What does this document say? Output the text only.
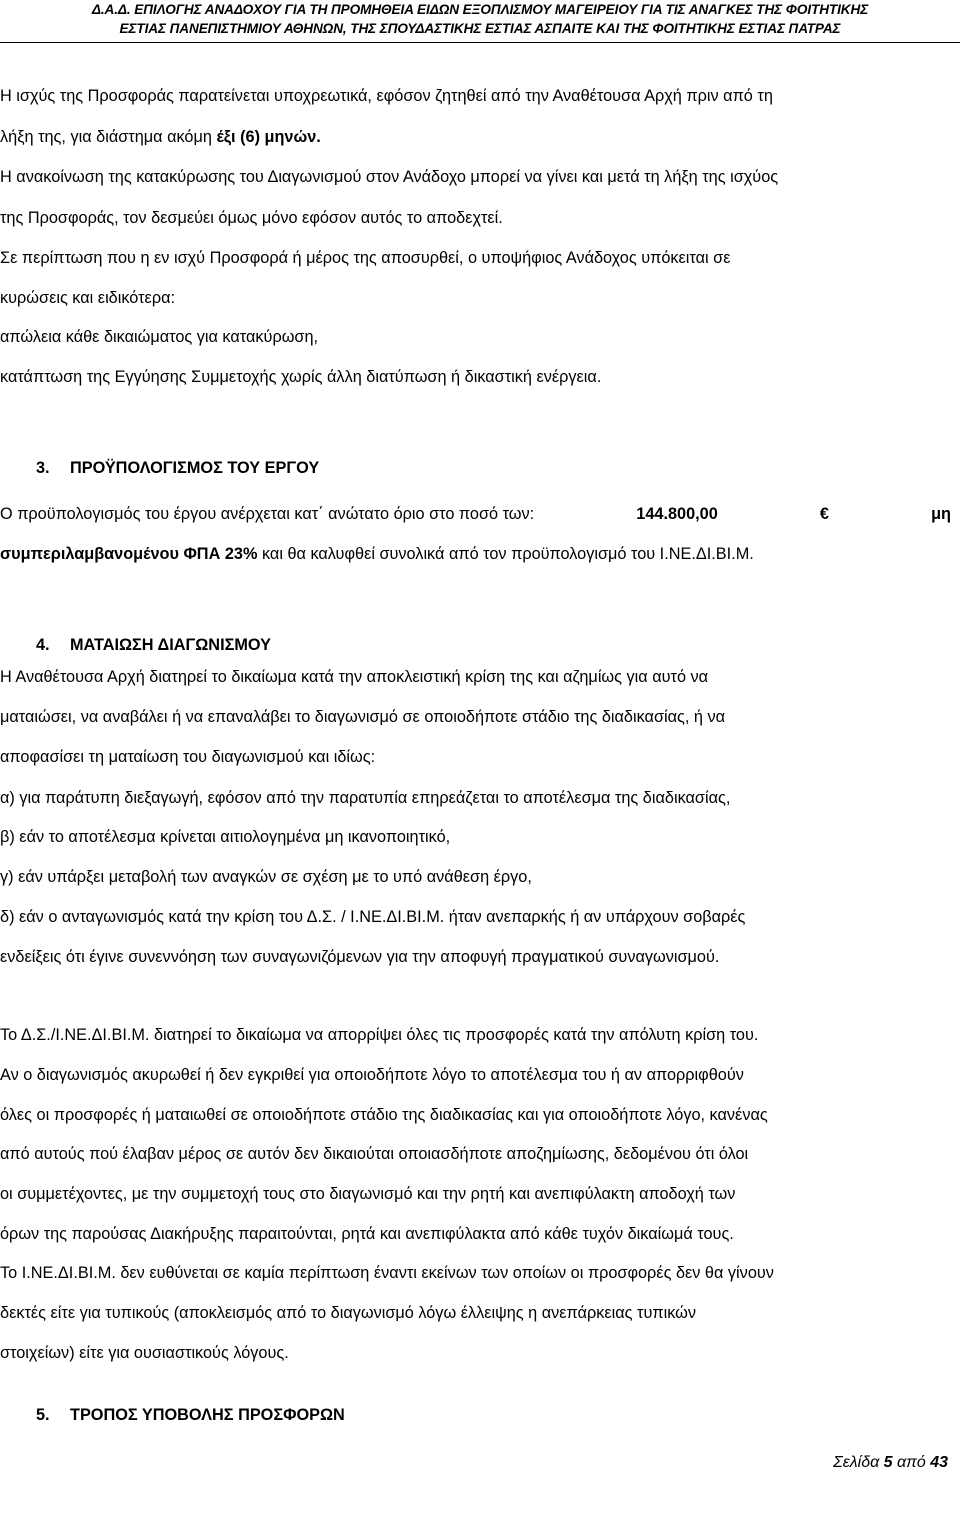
Δ.Α.Δ. ΕΠΙΛΟΓΗΣ ΑΝΑΔΟΧΟΥ ΓΙΑ ΤΗ ΠΡΟΜΗΘΕΙΑ ΕΙΔΩΝ ΕΞΟΠΛΙΣΜΟΥ ΜΑΓΕΙΡΕΙΟΥ ΓΙΑ ΤΙΣ ΑΝΑΓΚΕΣ ΤΗΣ ΦΟΙΤΗΤΙΚΗΣ
ΕΣΤΙΑΣ ΠΑΝΕΠΙΣΤΗΜΙΟΥ ΑΘΗΝΩΝ, ΤΗΣ ΣΠΟΥΔΑΣΤΙΚΗΣ ΕΣΤΙΑΣ ΑΣΠΑΙΤΕ ΚΑΙ ΤΗΣ ΦΟΙΤΗΤΙΚΗΣ ΕΣΤΙΑΣ ΠΑΤΡΑΣ
Η ισχύς της Προσφοράς παρατείνεται υποχρεωτικά, εφόσον ζητηθεί από την Αναθέτουσα Αρχή πριν από τη
λήξη της, για διάστημα ακόμη έξι (6) μηνών.
Η ανακοίνωση της κατακύρωσης του Διαγωνισμού στον Ανάδοχο μπορεί να γίνει και μετά τη λήξη της ισχύος
της Προσφοράς, τον δεσμεύει όμως μόνο εφόσον αυτός το αποδεχτεί.
Σε περίπτωση που η εν ισχύ Προσφορά ή μέρος της αποσυρθεί, ο υποψήφιος Ανάδοχος υπόκειται σε
κυρώσεις και ειδικότερα:
απώλεια κάθε δικαιώματος για κατακύρωση,
κατάπτωση της Εγγύησης Συμμετοχής χωρίς άλλη διατύπωση ή δικαστική ενέργεια.
3. ΠΡΟΫΠΟΛΟΓΙΣΜΟΣ ΤΟΥ ΕΡΓΟΥ
Ο προϋπολογισμός του έργου ανέρχεται κατ΄ ανώτατο όριο στο ποσό των:	144.800,00	€	μη
συμπεριλαμβανομένου ΦΠΑ 23% και θα καλυφθεί συνολικά από τον προϋπολογισμό του Ι.ΝΕ.ΔΙ.ΒΙ.Μ.
4. ΜΑΤΑΙΩΣΗ ΔΙΑΓΩΝΙΣΜΟΥ
Η Αναθέτουσα Αρχή διατηρεί το δικαίωμα κατά την αποκλειστική κρίση της και αζημίως για αυτό να
ματαιώσει, να αναβάλει ή να επαναλάβει το διαγωνισμό σε οποιοδήποτε στάδιο της διαδικασίας, ή να
αποφασίσει τη ματαίωση του διαγωνισμού και ιδίως:
α) για παράτυπη διεξαγωγή, εφόσον από την παρατυπία επηρεάζεται το αποτέλεσμα της διαδικασίας,
β) εάν το αποτέλεσμα κρίνεται αιτιολογημένα μη ικανοποιητικό,
γ) εάν υπάρξει μεταβολή των αναγκών σε σχέση με το υπό ανάθεση έργο,
δ) εάν ο ανταγωνισμός κατά την κρίση του Δ.Σ. / Ι.ΝΕ.ΔΙ.ΒΙ.Μ. ήταν ανεπαρκής ή αν υπάρχουν σοβαρές
ενδείξεις ότι έγινε συνεννόηση των συναγωνιζόμενων για την αποφυγή πραγματικού συναγωνισμού.
Το Δ.Σ./Ι.ΝΕ.ΔΙ.ΒΙ.Μ. διατηρεί το δικαίωμα να απορρίψει όλες τις προσφορές κατά την απόλυτη κρίση του.
Αν ο διαγωνισμός ακυρωθεί ή δεν εγκριθεί για οποιοδήποτε λόγο το αποτέλεσμα του ή αν απορριφθούν
όλες οι προσφορές ή ματαιωθεί σε οποιοδήποτε στάδιο της διαδικασίας και για οποιοδήποτε λόγο, κανένας
από αυτούς πού έλαβαν μέρος σε αυτόν δεν δικαιούται οποιασδήποτε αποζημίωσης, δεδομένου ότι όλοι
οι συμμετέχοντες, με την συμμετοχή τους στο διαγωνισμό και την ρητή και ανεπιφύλακτη αποδοχή των
όρων της παρούσας Διακήρυξης παραιτούνται, ρητά και ανεπιφύλακτα από κάθε τυχόν δικαίωμά τους.
Το Ι.ΝΕ.ΔΙ.ΒΙ.Μ. δεν ευθύνεται σε καμία περίπτωση έναντι εκείνων των οποίων οι προσφορές δεν θα γίνουν
δεκτές είτε για τυπικούς (αποκλεισμός από το διαγωνισμό λόγω έλλειψης η ανεπάρκειας τυπικών
στοιχείων) είτε για ουσιαστικούς λόγους.
5. ΤΡΟΠΟΣ ΥΠΟΒΟΛΗΣ ΠΡΟΣΦΟΡΩΝ
Σελίδα 5 από 43
